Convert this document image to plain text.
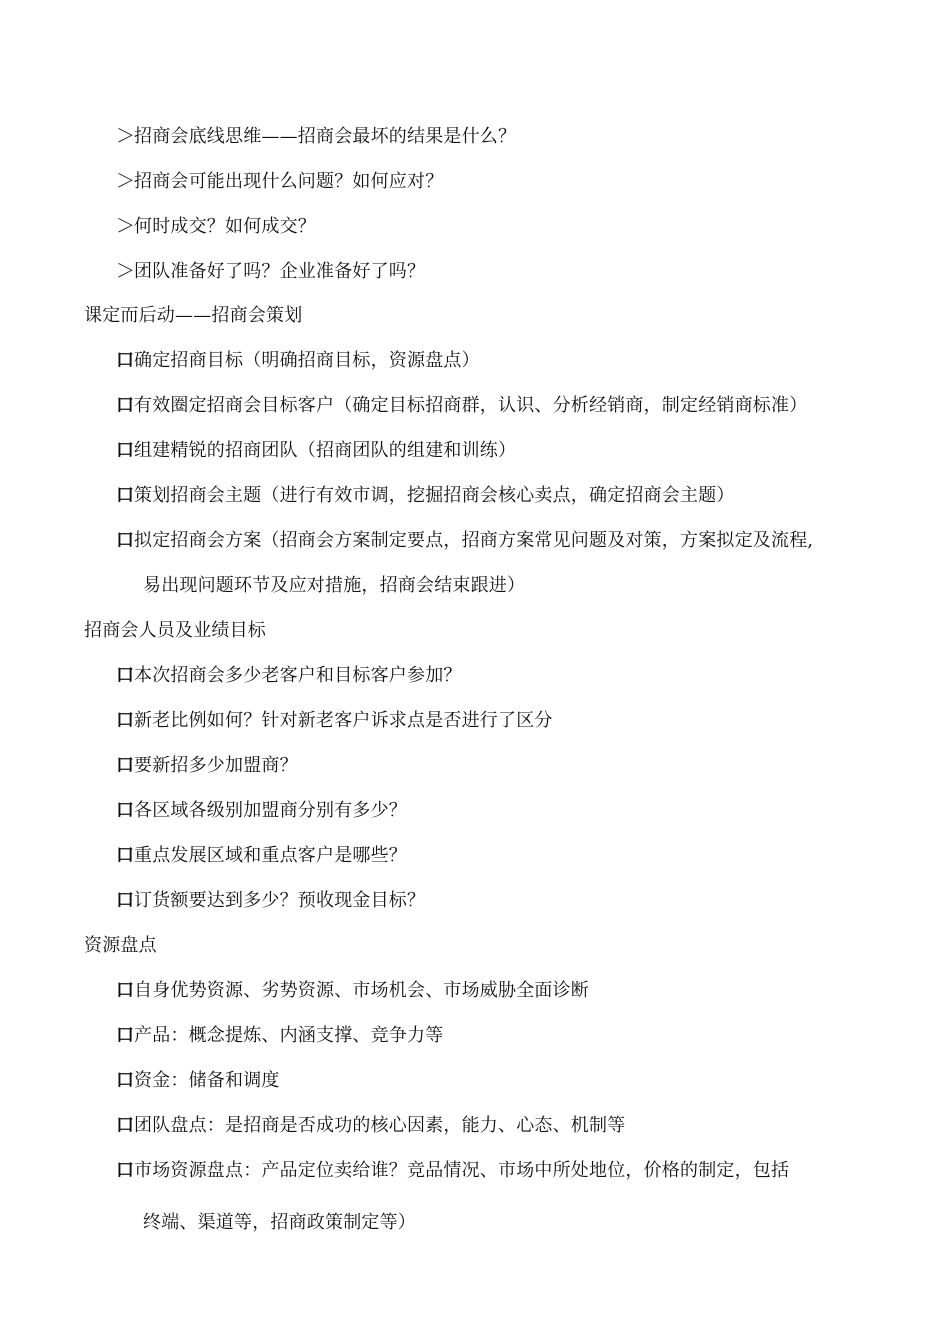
＞招商会底线思维——招商会最坏的结果是什么？
＞招商会可能出现什么问题？如何应对？
＞何时成交？如何成交？
＞团队准备好了吗？企业准备好了吗？
课定而后动——招商会策划
口确定招商目标（明确招商目标，资源盘点）
口有效圈定招商会目标客户（确定目标招商群，认识、分析经销商，制定经销商标准）
口组建精锐的招商团队（招商团队的组建和训练）
口策划招商会主题（进行有效市调，挖掘招商会核心卖点，确定招商会主题）
口拟定招商会方案（招商会方案制定要点，招商方案常见问题及对策，方案拟定及流程,
易出现问题环节及应对措施，招商会结束跟进）
招商会人员及业绩目标
口本次招商会多少老客户和目标客户参加？
口新老比例如何？针对新老客户诉求点是否进行了区分
口要新招多少加盟商？
口各区域各级别加盟商分别有多少？
口重点发展区域和重点客户是哪些？
口订货额要达到多少？预收现金目标？
资源盘点
口自身优势资源、劣势资源、市场机会、市场威胁全面诊断
口产品：概念提炼、内涵支撑、竞争力等
口资金：储备和调度
口团队盘点：是招商是否成功的核心因素，能力、心态、机制等
口市场资源盘点：产品定位卖给谁？竞品情况、市场中所处地位，价格的制定，包括
终端、渠道等，招商政策制定等）
